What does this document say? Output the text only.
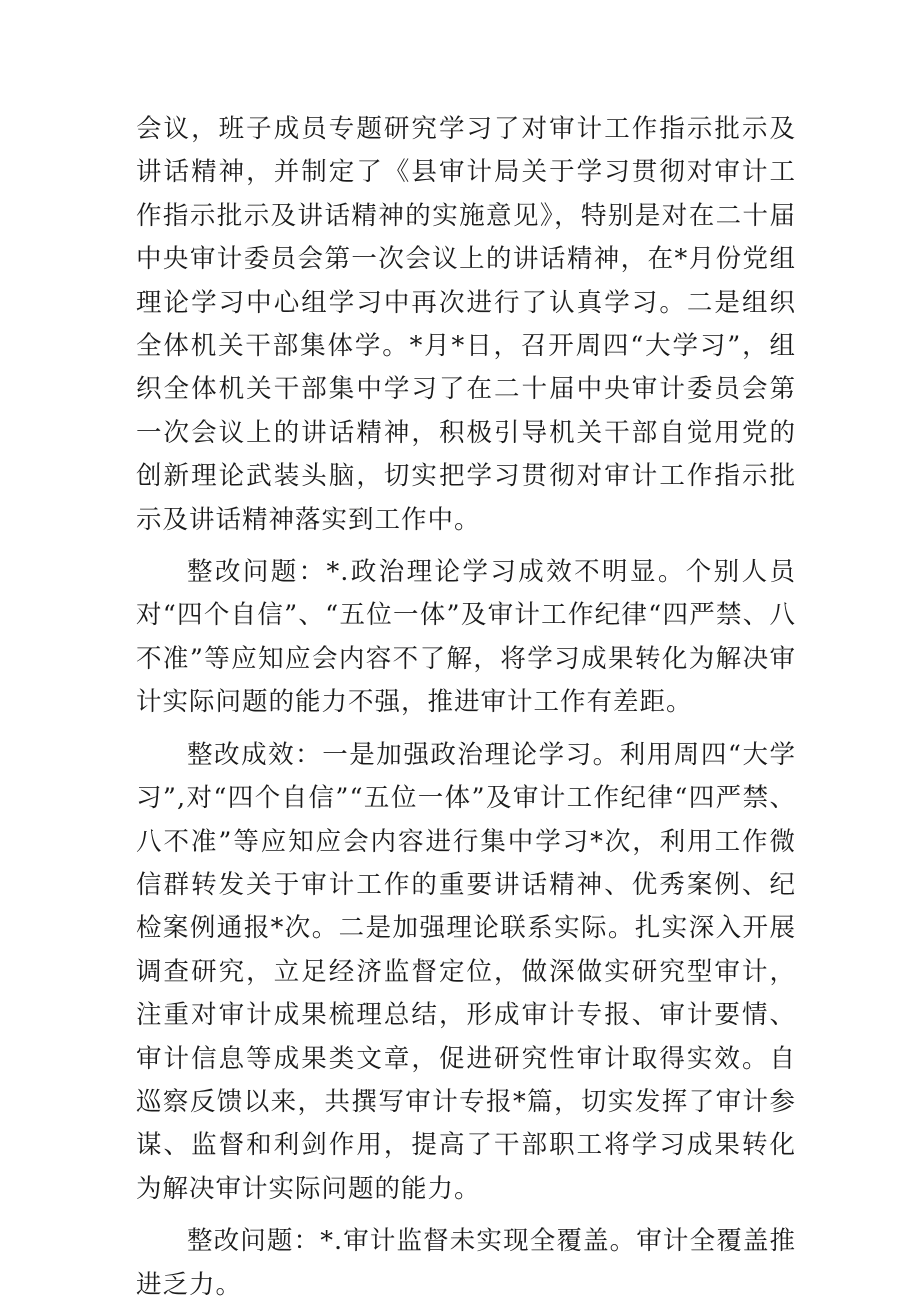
会议，班子成员专题研究学习了对审计工作指示批示及讲话精神，并制定了《县审计局关于学习贯彻对审计工作指示批示及讲话精神的实施意见》，特别是对在二十届中央审计委员会第一次会议上的讲话精神，在*月份党组理论学习中心组学习中再次进行了认真学习。二是组织全体机关干部集体学。*月*日，召开周四“大学习”，组织全体机关干部集中学习了在二十届中央审计委员会第一次会议上的讲话精神，积极引导机关干部自觉用党的创新理论武装头脑，切实把学习贯彻对审计工作指示批示及讲话精神落实到工作中。

整改问题：*.政治理论学习成效不明显。个别人员对“四个自信”、“五位一体”及审计工作纪律“四严禁、八不准”等应知应会内容不了解，将学习成果转化为解决审计实际问题的能力不强，推进审计工作有差距。

整改成效：一是加强政治理论学习。利用周四“大学习”,对“四个自信”“五位一体”及审计工作纪律“四严禁、八不准”等应知应会内容进行集中学习*次，利用工作微信群转发关于审计工作的重要讲话精神、优秀案例、纪检案例通报*次。二是加强理论联系实际。扎实深入开展调查研究，立足经济监督定位，做深做实研究型审计，注重对审计成果梳理总结，形成审计专报、审计要情、审计信息等成果类文章，促进研究性审计取得实效。自巡察反馈以来，共撰写审计专报*篇，切实发挥了审计参谋、监督和利剑作用，提高了干部职工将学习成果转化为解决审计实际问题的能力。

整改问题：*.审计监督未实现全覆盖。审计全覆盖推进乏力。
